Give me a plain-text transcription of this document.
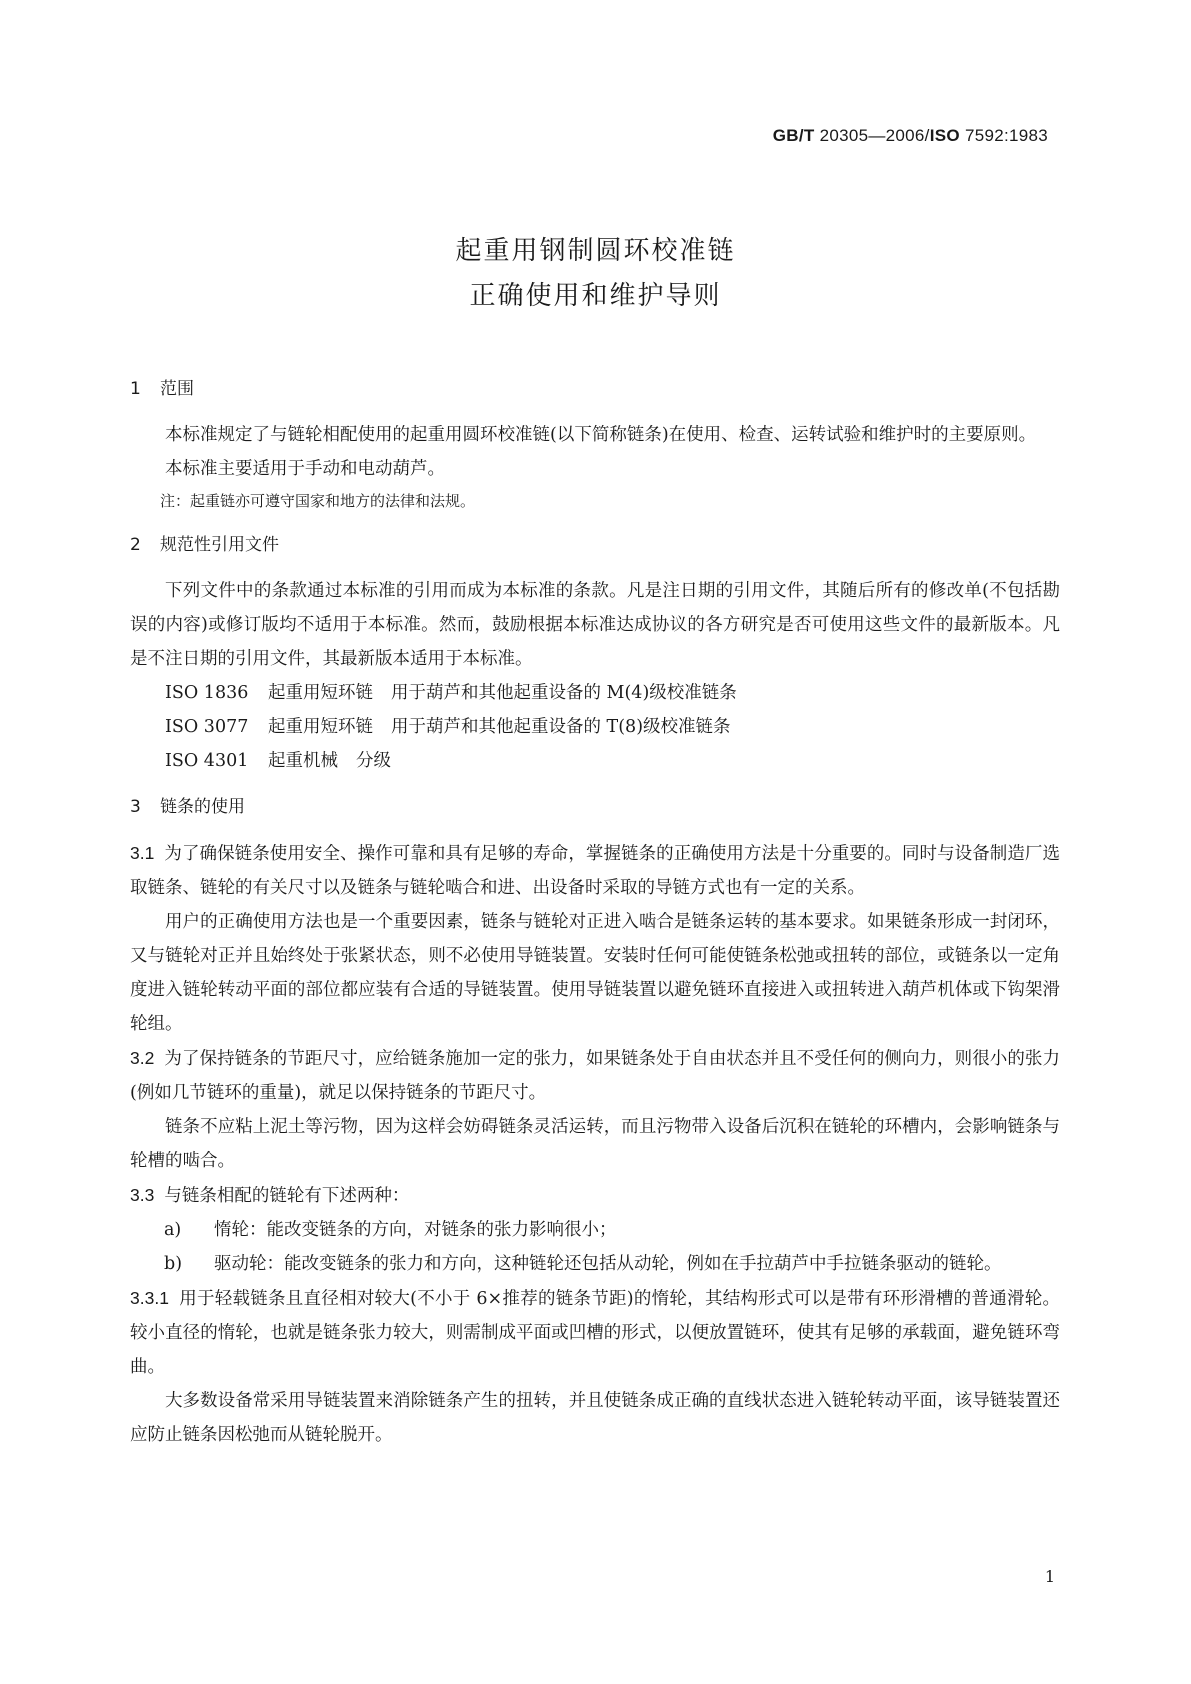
GB/T 20305—2006/ISO 7592:1983
起重用钢制圆环校准链
正确使用和维护导则
1 范围

本标准规定了与链轮相配使用的起重用圆环校准链(以下简称链条)在使用、检查、运转试验和维护时的主要原则。

本标准主要适用于手动和电动葫芦。

注：起重链亦可遵守国家和地方的法律和法规。

2 规范性引用文件

下列文件中的条款通过本标准的引用而成为本标准的条款。凡是注日期的引用文件，其随后所有的修改单(不包括勘误的内容)或修订版均不适用于本标准。然而，鼓励根据本标准达成协议的各方研究是否可使用这些文件的最新版本。凡是不注日期的引用文件，其最新版本适用于本标准。

ISO 1836 起重用短环链 用于葫芦和其他起重设备的 M(4)级校准链条

ISO 3077 起重用短环链 用于葫芦和其他起重设备的 T(8)级校准链条

ISO 4301 起重机械 分级

3 链条的使用

3.1 为了确保链条使用安全、操作可靠和具有足够的寿命，掌握链条的正确使用方法是十分重要的。同时与设备制造厂选取链条、链轮的有关尺寸以及链条与链轮啮合和进、出设备时采取的导链方式也有一定的关系。

用户的正确使用方法也是一个重要因素，链条与链轮对正进入啮合是链条运转的基本要求。如果链条形成一封闭环，又与链轮对正并且始终处于张紧状态，则不必使用导链装置。安装时任何可能使链条松弛或扭转的部位，或链条以一定角度进入链轮转动平面的部位都应装有合适的导链装置。使用导链装置以避免链环直接进入或扭转进入葫芦机体或下钩架滑轮组。

3.2 为了保持链条的节距尺寸，应给链条施加一定的张力，如果链条处于自由状态并且不受任何的侧向力，则很小的张力(例如几节链环的重量)，就足以保持链条的节距尺寸。

链条不应粘上泥土等污物，因为这样会妨碍链条灵活运转，而且污物带入设备后沉积在链轮的环槽内，会影响链条与轮槽的啮合。

3.3 与链条相配的链轮有下述两种：

a) 惰轮：能改变链条的方向，对链条的张力影响很小；

b) 驱动轮：能改变链条的张力和方向，这种链轮还包括从动轮，例如在手拉葫芦中手拉链条驱动的链轮。

3.3.1 用于轻载链条且直径相对较大(不小于 6×推荐的链条节距)的惰轮，其结构形式可以是带有环形滑槽的普通滑轮。较小直径的惰轮，也就是链条张力较大，则需制成平面或凹槽的形式，以便放置链环，使其有足够的承载面，避免链环弯曲。

大多数设备常采用导链装置来消除链条产生的扭转，并且使链条成正确的直线状态进入链轮转动平面，该导链装置还应防止链条因松弛而从链轮脱开。

1
